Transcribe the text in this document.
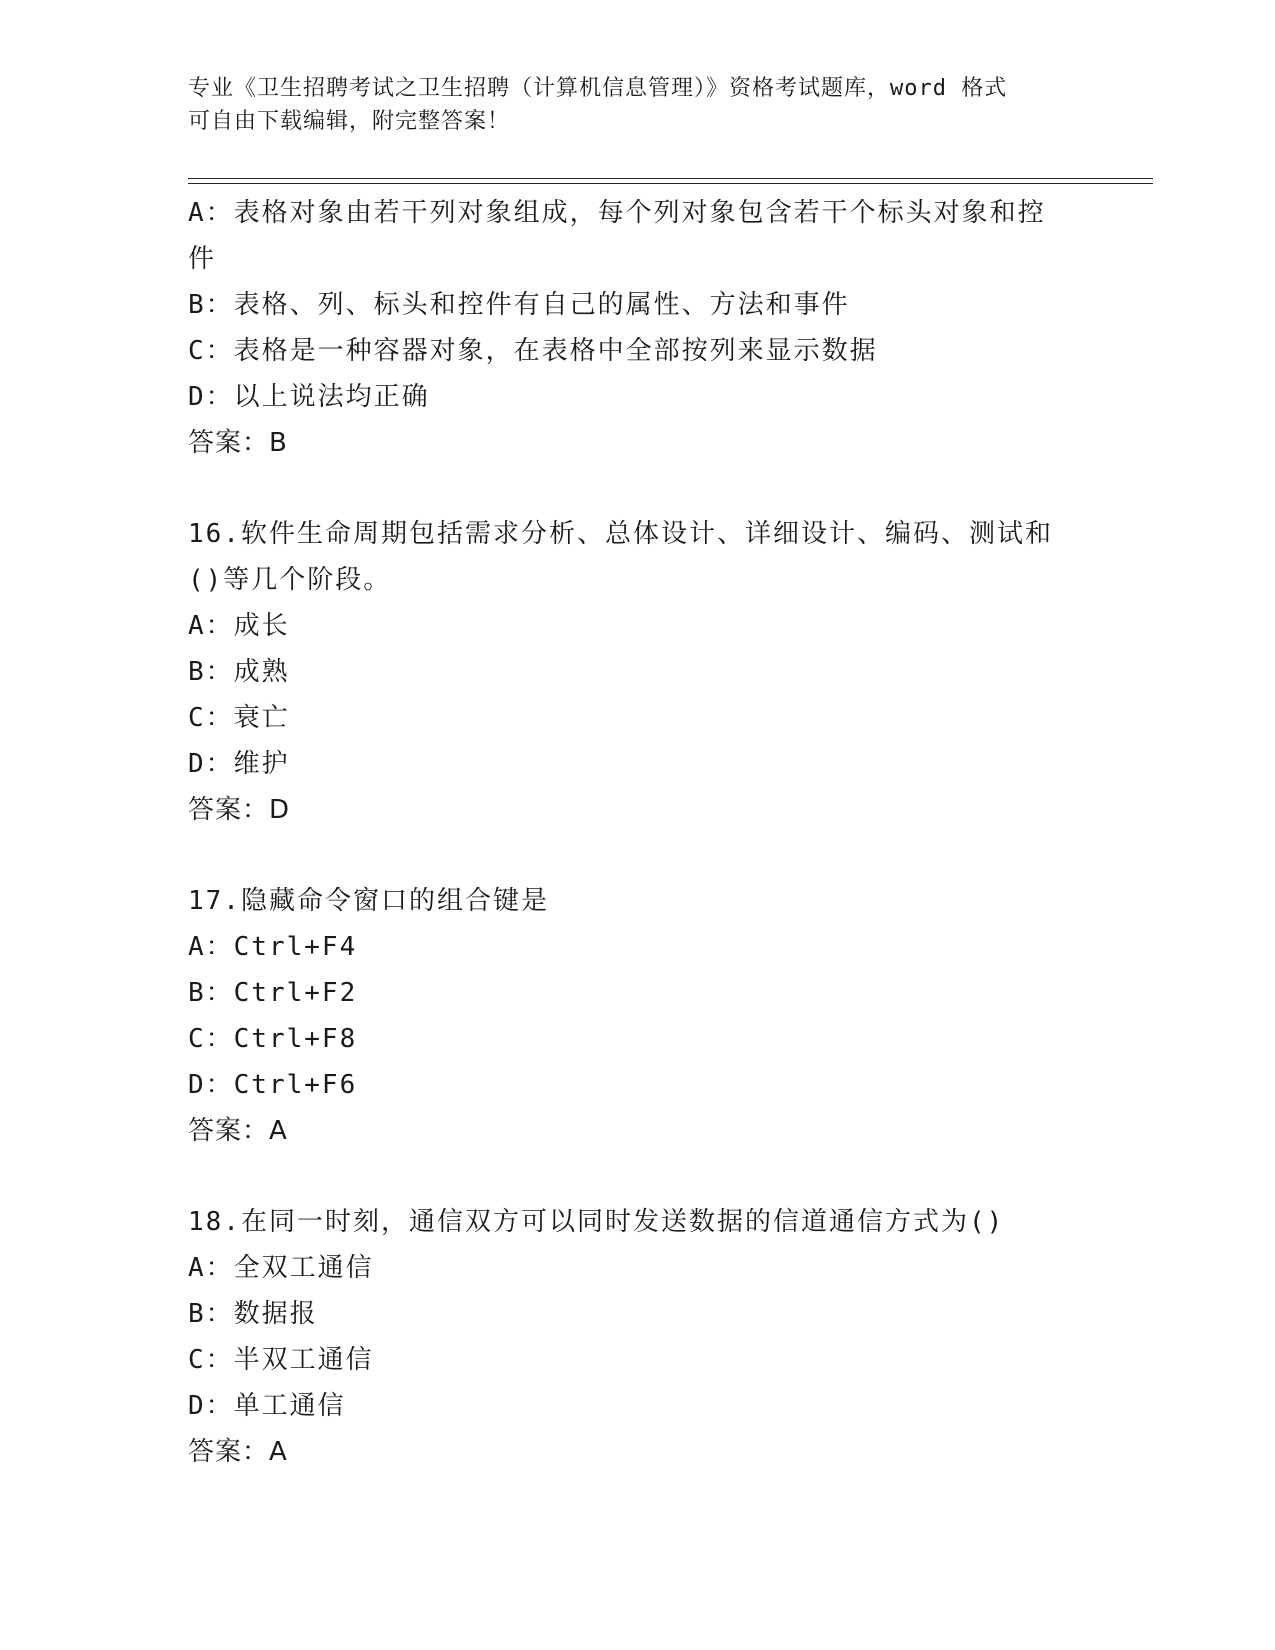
专业《卫生招聘考试之卫生招聘（计算机信息管理）》资格考试题库，word 格式
可自由下载编辑，附完整答案！
A：表格对象由若干列对象组成，每个列对象包含若干个标头对象和控
件
B：表格、列、标头和控件有自己的属性、方法和事件
C：表格是一种容器对象，在表格中全部按列来显示数据
D：以上说法均正确
答案：B
16.软件生命周期包括需求分析、总体设计、详细设计、编码、测试和
()等几个阶段。
A：成长
B：成熟
C：衰亡
D：维护
答案：D
17.隐藏命令窗口的组合键是
A：Ctrl+F4
B：Ctrl+F2
C：Ctrl+F8
D：Ctrl+F6
答案：A
18.在同一时刻，通信双方可以同时发送数据的信道通信方式为()
A：全双工通信
B：数据报
C：半双工通信
D：单工通信
答案：A
